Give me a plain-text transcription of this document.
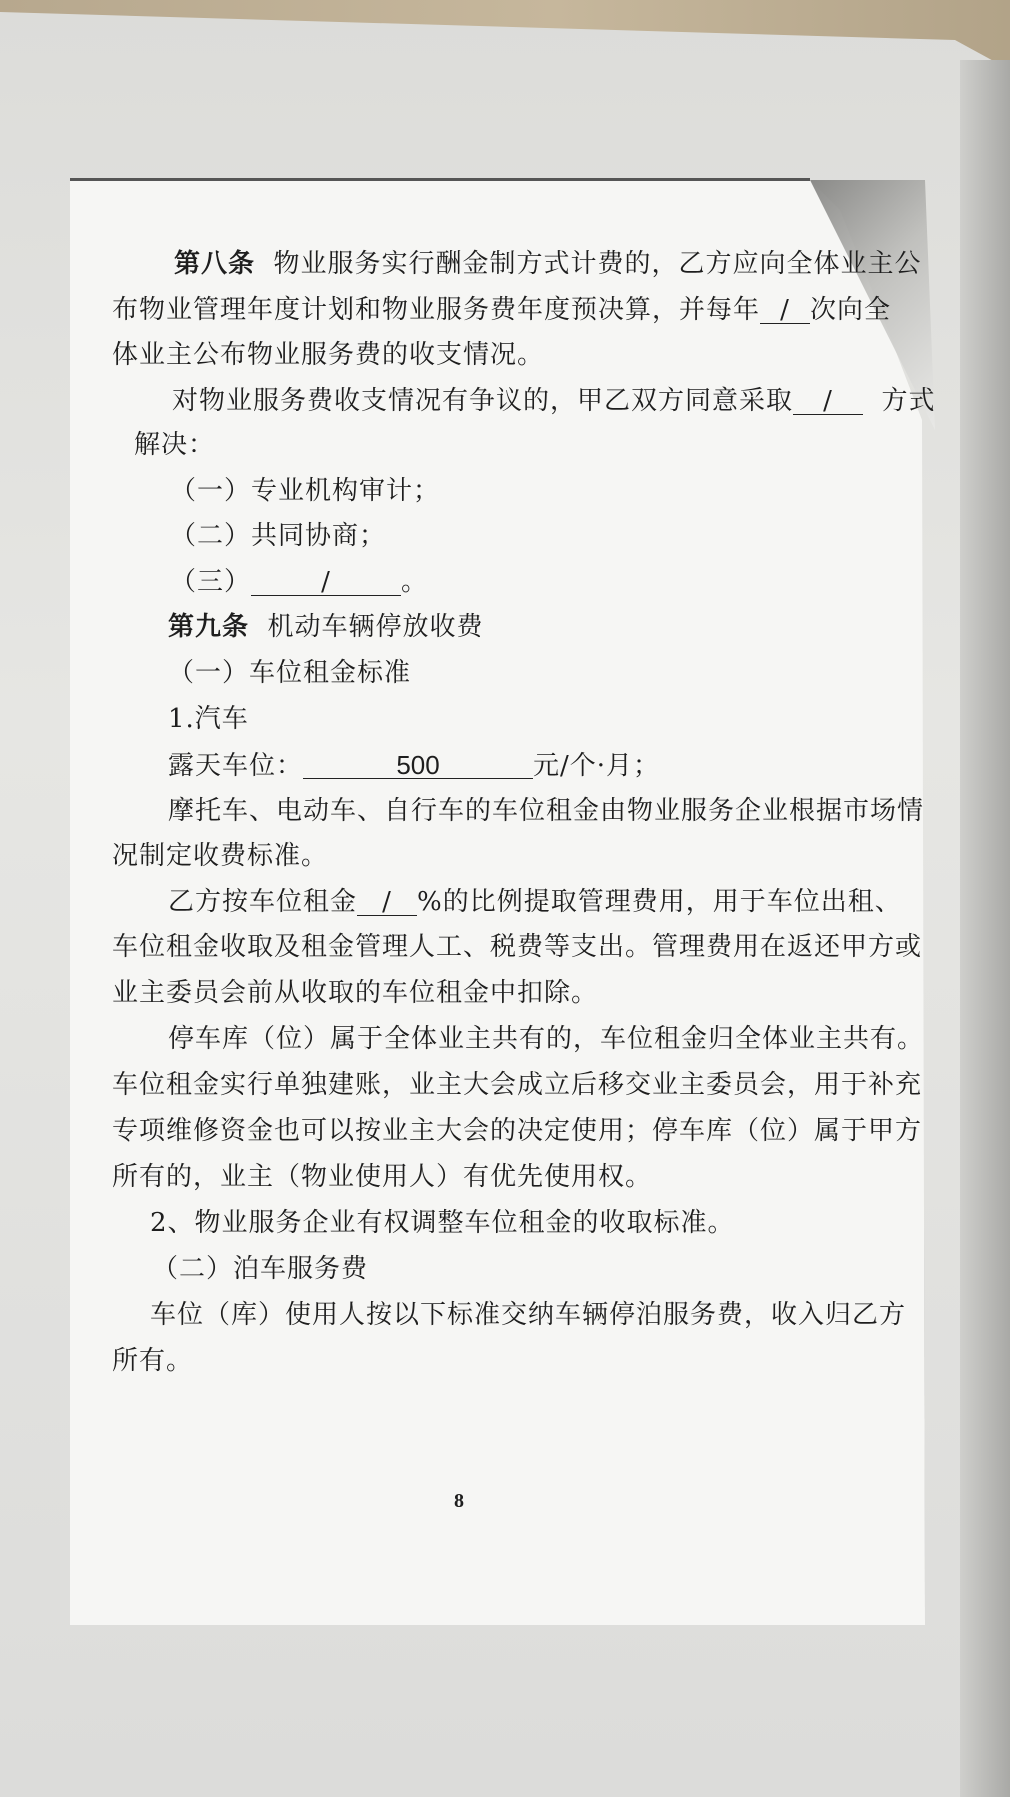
第八条 物业服务实行酬金制方式计费的，乙方应向全体业主公
布物业管理年度计划和物业服务费年度预决算，并每年 / 次向全
体业主公布物业服务费的收支情况。
对物业服务费收支情况有争议的，甲乙双方同意采取 / 方式
解决：
（一）专业机构审计；
（二）共同协商；
（三）	/	。
第九条 机动车辆停放收费
（一）车位租金标准
1.汽车
露天车位：	500	元/个·月；
摩托车、电动车、自行车的车位租金由物业服务企业根据市场情
况制定收费标准。
乙方按车位租金 / %的比例提取管理费用，用于车位出租、
车位租金收取及租金管理人工、税费等支出。管理费用在返还甲方或
业主委员会前从收取的车位租金中扣除。
停车库（位）属于全体业主共有的，车位租金归全体业主共有。
车位租金实行单独建账，业主大会成立后移交业主委员会，用于补充
专项维修资金也可以按业主大会的决定使用；停车库（位）属于甲方
所有的，业主（物业使用人）有优先使用权。
2、物业服务企业有权调整车位租金的收取标准。
（二）泊车服务费
车位（库）使用人按以下标准交纳车辆停泊服务费，收入归乙方
所有。
8
